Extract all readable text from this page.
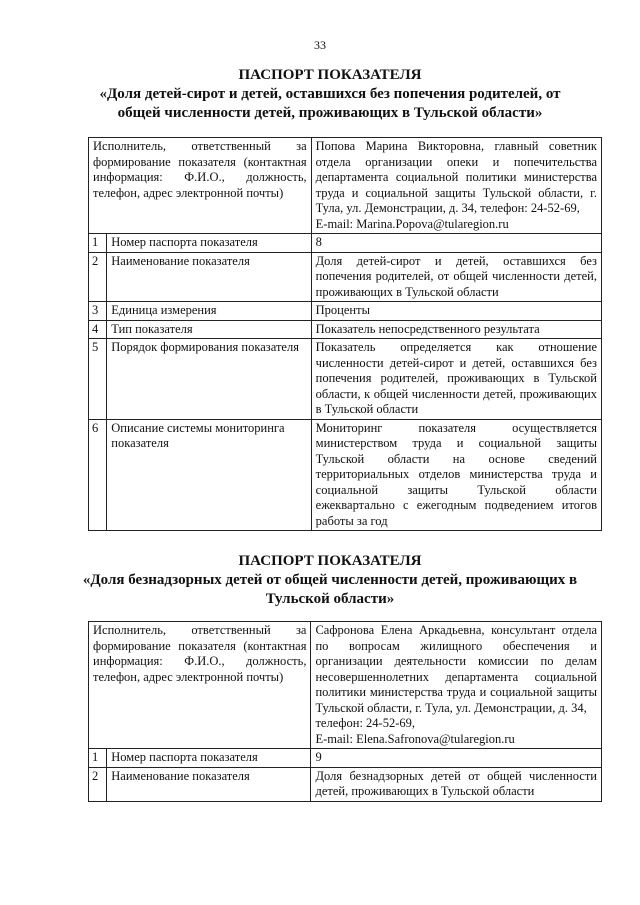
33
ПАСПОРТ ПОКАЗАТЕЛЯ
«Доля детей-сирот и детей, оставшихся без попечения родителей, от
общей численности детей, проживающих в Тульской области»
Исполнитель, ответственный за формирование показателя (контактная информация: Ф.И.О., должность, телефон, адрес электронной почты)		Попова Марина Викторовна, главный советник отдела организации опеки и попечительства департамента социальной политики министерства труда и социальной защиты Тульской области, г. Тула, ул. Демонстрации, д. 34, телефон: 24-52-69,
E-mail: Marina.Popova@tularegion.ru

1	Номер паспорта показателя	8
2	Наименование показателя	Доля детей-сирот и детей, оставшихся без попечения родителей, от общей численности детей, проживающих в Тульской области
3	Единица измерения	Проценты
4	Тип показателя	Показатель непосредственного результата
5	Порядок формирования показателя	Показатель определяется как отношение численности детей-сирот и детей, оставшихся без попечения родителей, проживающих в Тульской области, к общей численности детей, проживающих в Тульской области
6	Описание системы мониторинга показателя	Мониторинг показателя осуществляется министерством труда и социальной защиты Тульской области на основе сведений территориальных отделов министерства труда и социальной защиты Тульской области ежеквартально с ежегодным подведением итогов работы за год
ПАСПОРТ ПОКАЗАТЕЛЯ
«Доля безнадзорных детей от общей численности детей, проживающих в
Тульской области»
Исполнитель, ответственный за формирование показателя (контактная информация: Ф.И.О., должность, телефон, адрес электронной почты)		Сафронова Елена Аркадьевна, консультант отдела по вопросам жилищного обеспечения и организации деятельности комиссии по делам несовершеннолетних департамента социальной политики министерства труда и социальной защиты Тульской области, г. Тула, ул. Демонстрации, д. 34,
телефон: 24-52-69,
E-mail: Elena.Safronova@tularegion.ru

1	Номер паспорта показателя	9
2	Наименование показателя	Доля безнадзорных детей от общей численности детей, проживающих в Тульской области
